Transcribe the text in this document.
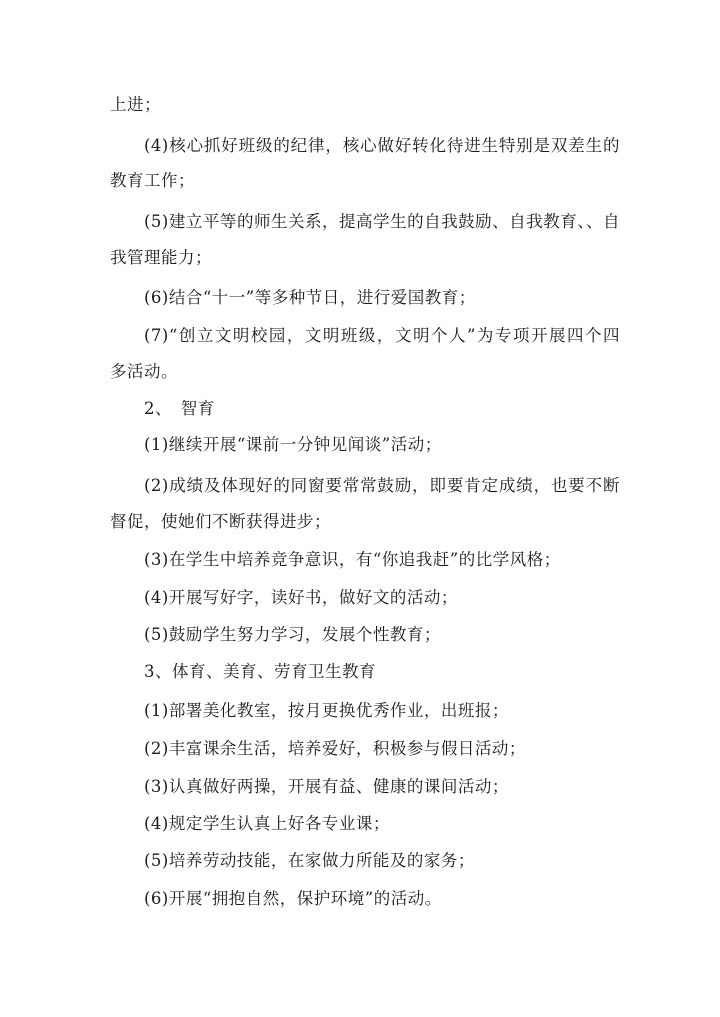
上进；
(4)核心抓好班级的纪律，核心做好转化待进生特别是双差生的
教育工作；
(5)建立平等的师生关系，提高学生的自我鼓励、自我教育、、自
我管理能力；
(6)结合“十一”等多种节日，进行爱国教育；
(7)“创立文明校园，文明班级，文明个人”为专项开展四个四
多活动。
2、　智育
(1)继续开展“课前一分钟见闻谈”活动；
(2)成绩及体现好的同窗要常常鼓励，即要肯定成绩，也要不断
督促，使她们不断获得进步；
(3)在学生中培养竞争意识，有“你追我赶”的比学风格；
(4)开展写好字，读好书，做好文的活动；
(5)鼓励学生努力学习，发展个性教育；
3、体育、美育、劳育卫生教育
(1)部署美化教室，按月更换优秀作业，出班报；
(2)丰富课余生活，培养爱好，积极参与假日活动；
(3)认真做好两操，开展有益、健康的课间活动；
(4)规定学生认真上好各专业课；
(5)培养劳动技能，在家做力所能及的家务；
(6)开展“拥抱自然，保护环境”的活动。
